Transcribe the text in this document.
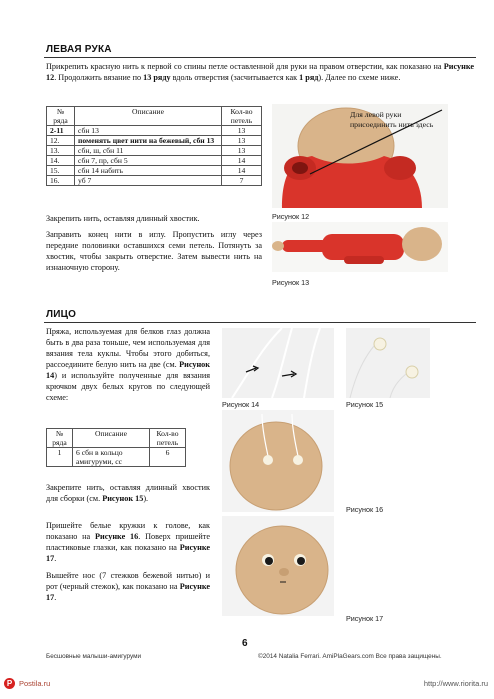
ЛЕВАЯ РУКА
Прикрепить красную нить к первой со спины петле оставленной для руки на правом отверстии, как показано на Рисунке 12. Продолжить вязание по 13 ряду вдоль отверстия (засчитывается как 1 ряд). Далее по схеме ниже.
№ ряда	Описание	Кол-во петель
2-11	сбн 13	13
12.	поменять цвет нити на бежевый, сбн 13	13
13.	сбн, ш, сбн 11	13
14.	сбн 7, пр, сбн 5	14
15.	сбн 14 набить	14
16.	уб 7	7
Закрепить нить, оставляя длинный хвостик.
Заправить конец нити в иглу. Пропустить иглу через передние половинки оставшихся семи петель. Потянуть за хвостик, чтобы закрыть отверстие. Затем вывести нить на изнаночную сторону.
Для левой руки присоединить нить здесь
Рисунок 12
Рисунок 13
ЛИЦО
Пряжа, используемая для белков глаз должна быть в два раза тоньше, чем используемая для вязания тела куклы. Чтобы этого добиться, рассоедините белую нить на две (см. Рисунок 14) и используйте полученные для вязания крючком двух белых кругов по следующей схеме:
№ ряда	Описание	Кол-во петель
1	6 сбн в кольцо амигуруми, сс	6
Закрепите нить, оставляя длинный хвостик для сборки (см. Рисунок 15).
Пришейте белые кружки к голове, как показано на Рисунке 16. Поверх пришейте пластиковые глазки, как показано на Рисунке 17.
Вышейте нос (7 стежков бежевой нитью) и рот (черный стежок), как показано на Рисунке 17.
Рисунок 14	Рисунок 15
Рисунок 16
Рисунок 17
6
Бесшовные малыши-амигуруми	©2014 Natalia Ferrari. AmiPlaGears.com Все права защищены.
P Postila.ru	http://www.riorita.ru
